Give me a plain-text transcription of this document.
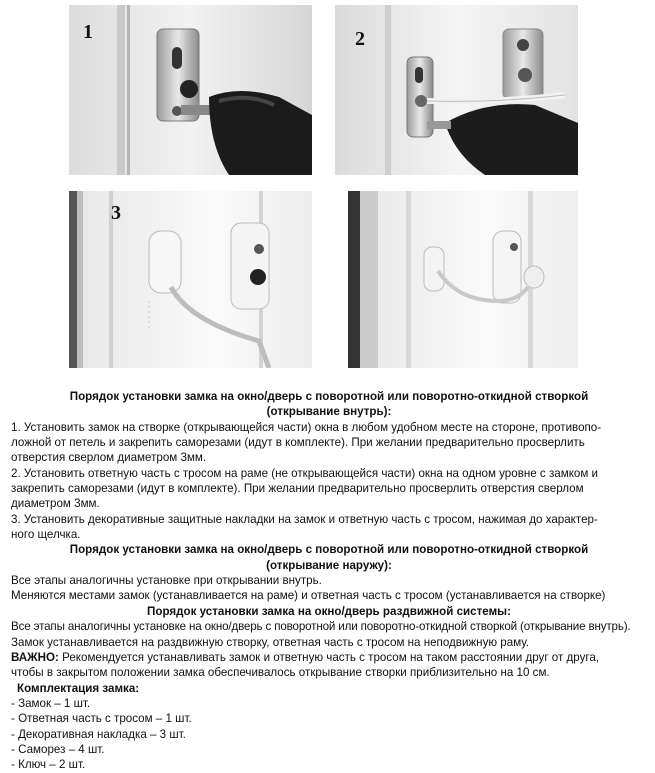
1	2
3

Порядок установки замка на окно/дверь с поворотной или поворотно-откидной створкой

(открывание внутрь):

1. Установить замок на створке (открывающейся части) окна в любом удобном месте на стороне, противопо-

ложной от петель и закрепить саморезами (идут в комплекте). При желании предварительно просверлить

отверстия сверлом диаметром 3мм.

2. Установить ответную часть с тросом на раме (не открывающейся части) окна на одном уровне с замком и

закрепить саморезами (идут в комплекте). При желании предварительно просверлить отверстия сверлом

диаметром 3мм.

3. Установить декоративные защитные накладки на замок и ответную часть с тросом, нажимая до характер-

ного щелчка.

Порядок установки замка на окно/дверь с поворотной или поворотно-откидной створкой

(открывание наружу):

Все этапы аналогичны установке при открывании внутрь.

Меняются местами замок (устанавливается на раме) и ответная часть с тросом (устанавливается на створке)

Порядок установки замка на окно/дверь раздвижной системы:

Все этапы аналогичны установке на окно/дверь с поворотной или поворотно-откидной створкой (открывание внутрь).

Замок устанавливается на раздвижную створку, ответная часть с тросом на неподвижную раму.

ВАЖНО: Рекомендуется устанавливать замок и ответную часть с тросом на таком расстоянии друг от друга,

чтобы в закрытом положении замка обеспечивалось открывание створки приблизительно на 10 см.

Комплектация замка:

- Замок – 1 шт.

- Ответная часть с тросом – 1 шт.

- Декоративная накладка – 3 шт.

- Саморез – 4 шт.

- Ключ – 2 шт.
